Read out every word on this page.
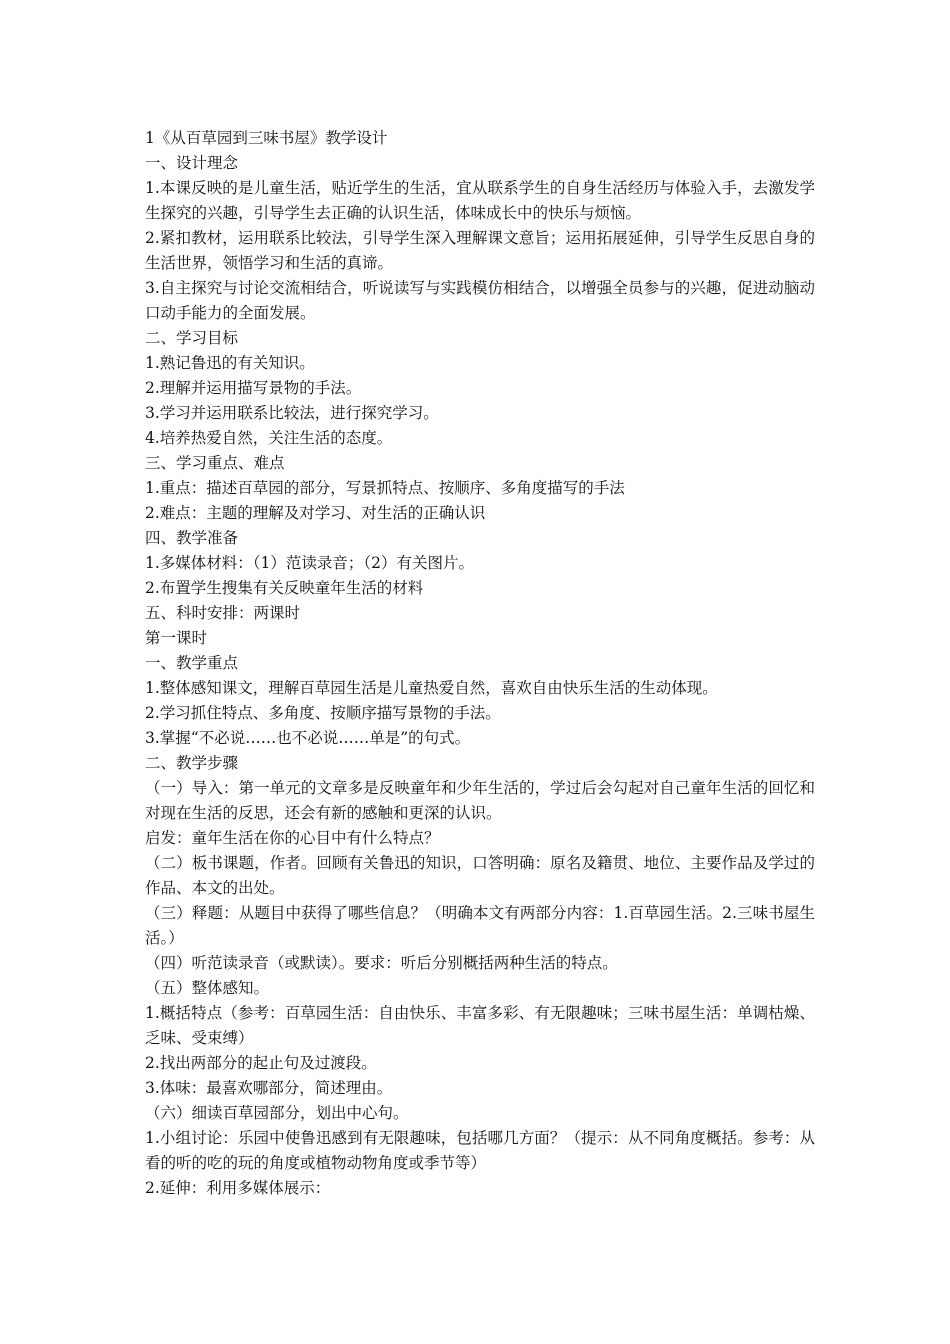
1《从百草园到三味书屋》教学设计

一、设计理念

1.本课反映的是儿童生活，贴近学生的生活，宜从联系学生的自身生活经历与体验入手，去激发学生探究的兴趣，引导学生去正确的认识生活，体味成长中的快乐与烦恼。

2.紧扣教材，运用联系比较法，引导学生深入理解课文意旨；运用拓展延伸，引导学生反思自身的生活世界，领悟学习和生活的真谛。

3.自主探究与讨论交流相结合，听说读写与实践模仿相结合，以增强全员参与的兴趣，促进动脑动口动手能力的全面发展。

二、学习目标

1.熟记鲁迅的有关知识。

2.理解并运用描写景物的手法。

3.学习并运用联系比较法，进行探究学习。

4.培养热爱自然，关注生活的态度。

三、学习重点、难点

1.重点：描述百草园的部分，写景抓特点、按顺序、多角度描写的手法

2.难点：主题的理解及对学习、对生活的正确认识

四、教学准备

1.多媒体材料：（1）范读录音；（2）有关图片。

2.布置学生搜集有关反映童年生活的材料

五、科时安排：两课时

第一课时

一、教学重点

1.整体感知课文，理解百草园生活是儿童热爱自然，喜欢自由快乐生活的生动体现。

2.学习抓住特点、多角度、按顺序描写景物的手法。

3.掌握“不必说……也不必说……单是”的句式。

二、教学步骤

（一）导入：第一单元的文章多是反映童年和少年生活的，学过后会勾起对自己童年生活的回忆和对现在生活的反思，还会有新的感触和更深的认识。

启发：童年生活在你的心目中有什么特点？

（二）板书课题，作者。回顾有关鲁迅的知识，口答明确：原名及籍贯、地位、主要作品及学过的作品、本文的出处。

（三）释题：从题目中获得了哪些信息？（明确本文有两部分内容：1.百草园生活。2.三味书屋生活。）

（四）听范读录音（或默读）。要求：听后分别概括两种生活的特点。

（五）整体感知。

1.概括特点（参考：百草园生活：自由快乐、丰富多彩、有无限趣味；三味书屋生活：单调枯燥、乏味、受束缚）

2.找出两部分的起止句及过渡段。

3.体味：最喜欢哪部分，简述理由。

（六）细读百草园部分，划出中心句。

1.小组讨论：乐园中使鲁迅感到有无限趣味，包括哪几方面？（提示：从不同角度概括。参考：从看的听的吃的玩的角度或植物动物角度或季节等）

2.延伸：利用多媒体展示：
